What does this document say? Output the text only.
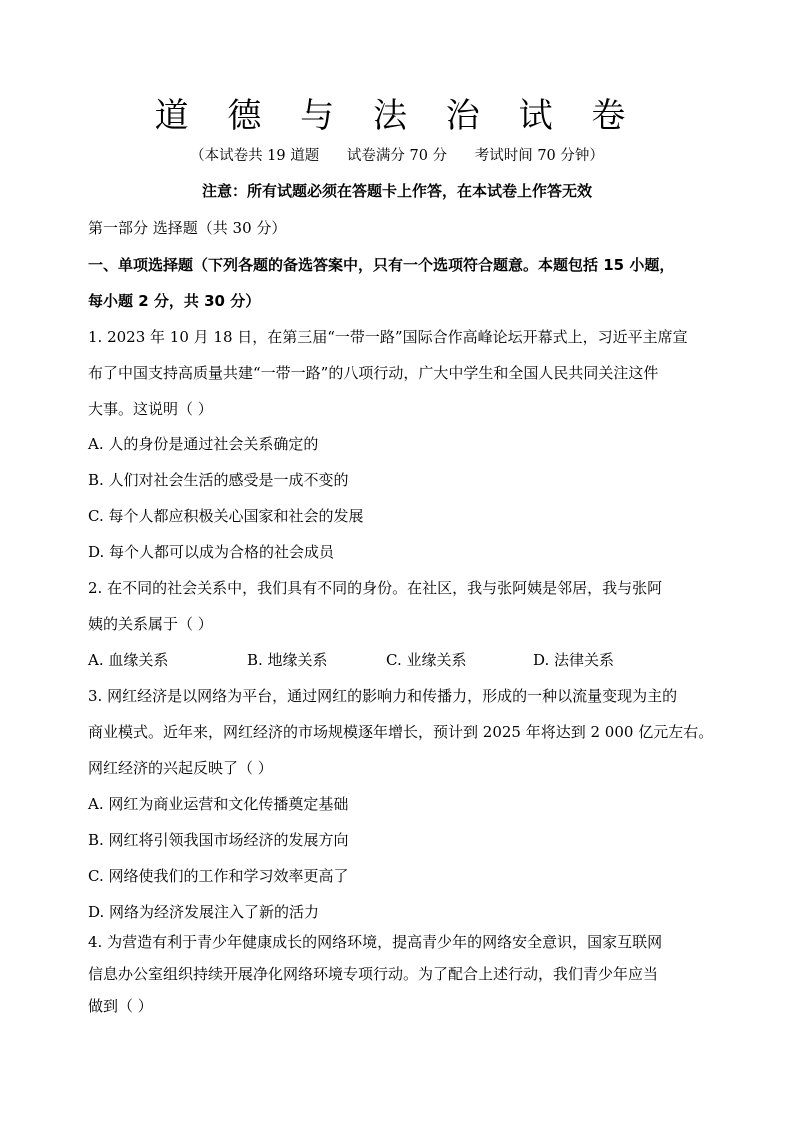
道 德 与 法 治 试 卷
（本试卷共 19 道题      试卷满分 70 分      考试时间 70 分钟）
注意：所有试题必须在答题卡上作答，在本试卷上作答无效
第一部分 选择题（共 30 分）
一、单项选择题（下列各题的备选答案中，只有一个选项符合题意。本题包括 15 小题，
每小题 2 分，共 30 分）
1. 2023 年 10 月 18 日，在第三届“一带一路”国际合作高峰论坛开幕式上，习近平主席宣
布了中国支持高质量共建“一带一路”的八项行动，广大中学生和全国人民共同关注这件
大事。这说明（ ）
A. 人的身份是通过社会关系确定的
B. 人们对社会生活的感受是一成不变的
C. 每个人都应积极关心国家和社会的发展
D. 每个人都可以成为合格的社会成员
2. 在不同的社会关系中，我们具有不同的身份。在社区，我与张阿姨是邻居，我与张阿
姨的关系属于（ ）
A. 血缘关系	B. 地缘关系	C. 业缘关系	D. 法律关系
3. 网红经济是以网络为平台，通过网红的影响力和传播力，形成的一种以流量变现为主的
商业模式。近年来，网红经济的市场规模逐年增长，预计到 2025 年将达到 2 000 亿元左右。
网红经济的兴起反映了（ ）
A. 网红为商业运营和文化传播奠定基础
B. 网红将引领我国市场经济的发展方向
C. 网络使我们的工作和学习效率更高了
D. 网络为经济发展注入了新的活力
4. 为营造有利于青少年健康成长的网络环境，提高青少年的网络安全意识，国家互联网
信息办公室组织持续开展净化网络环境专项行动。为了配合上述行动，我们青少年应当
做到（ ）
